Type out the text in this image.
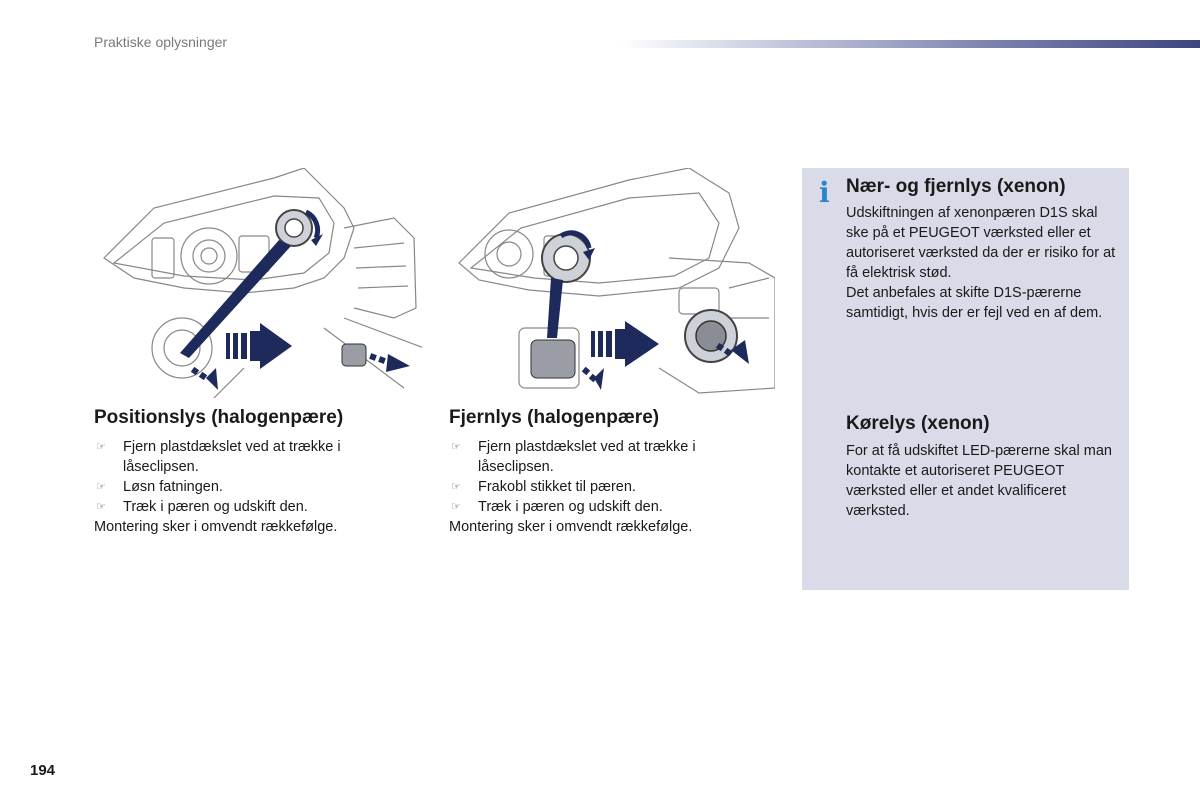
Praktiske oplysninger
Positionslys (halogenpære)
☞ Fjern plastdækslet ved at trække i låseclipsen.
☞ Løsn fatningen.
☞ Træk i pæren og udskift den.
Montering sker i omvendt rækkefølge.
Fjernlys (halogenpære)
☞ Fjern plastdækslet ved at trække i låseclipsen.
☞ Frakobl stikket til pæren.
☞ Træk i pæren og udskift den.
Montering sker i omvendt rækkefølge.
i Nær- og fjernlys (xenon)

Udskiftningen af xenonpæren D1S skal ske på et PEUGEOT værksted eller et autoriseret værksted da der er risiko for at få elektrisk stød.
Det anbefales at skifte D1S-pærerne samtidigt, hvis der er fejl ved en af dem.

Kørelys (xenon)

For at få udskiftet LED-pærerne skal man kontakte et autoriseret PEUGEOT værksted eller et andet kvalificeret værksted.

194
